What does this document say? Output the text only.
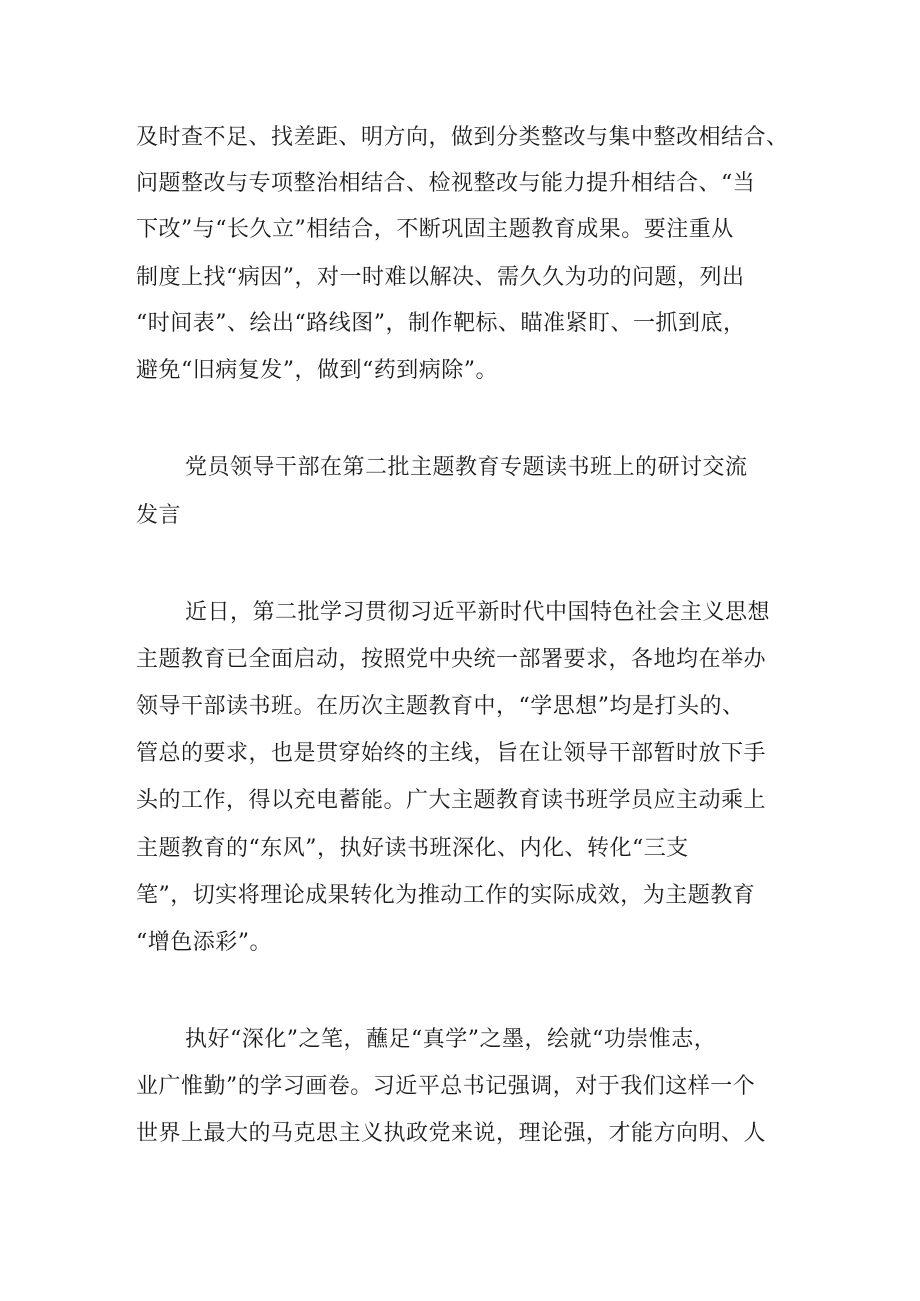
及时查不足、找差距、明方向，做到分类整改与集中整改相结合、
问题整改与专项整治相结合、检视整改与能力提升相结合、“当
下改”与“长久立”相结合，不断巩固主题教育成果。要注重从
制度上找“病因”，对一时难以解决、需久久为功的问题，列出
“时间表”、绘出“路线图”，制作靶标、瞄准紧盯、一抓到底，
避免“旧病复发”，做到“药到病除”。
党员领导干部在第二批主题教育专题读书班上的研讨交流
发言
近日，第二批学习贯彻习近平新时代中国特色社会主义思想
主题教育已全面启动，按照党中央统一部署要求，各地均在举办
领导干部读书班。在历次主题教育中，“学思想”均是打头的、
管总的要求，也是贯穿始终的主线，旨在让领导干部暂时放下手
头的工作，得以充电蓄能。广大主题教育读书班学员应主动乘上
主题教育的“东风”，执好读书班深化、内化、转化“三支
笔”，切实将理论成果转化为推动工作的实际成效，为主题教育
“增色添彩”。
执好“深化”之笔，蘸足“真学”之墨，绘就“功崇惟志，
业广惟勤”的学习画卷。习近平总书记强调，对于我们这样一个
世界上最大的马克思主义执政党来说，理论强，才能方向明、人
